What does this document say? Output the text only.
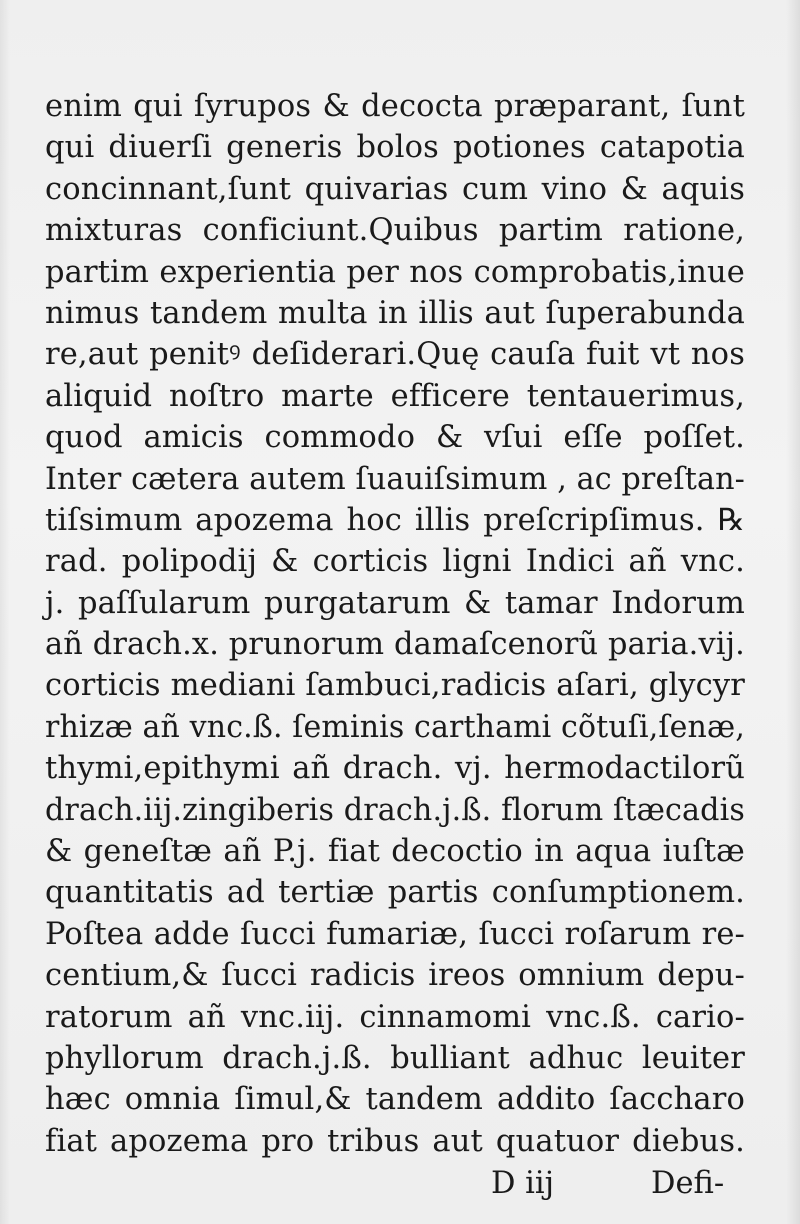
enim qui ſyrupos & decocta præparant, ſunt
qui diuerſi generis bolos potiones catapotia
concinnant,ſunt quivarias cum vino & aquis
mixturas conficiunt.Quibus partim ratione,
partim experientia per nos comprobatis,inue
nimus tandem multa in illis aut ſuperabunda
re,aut penitꝰ deſiderari.Quę cauſa fuit vt nos
aliquid noſtro marte efficere tentauerimus,
quod amicis commodo & vſui eſſe poſſet.
Inter cætera autem ſuauiſsimum , ac preſtan-
tiſsimum apozema hoc illis preſcripſimus. ℞
rad. polipodij & corticis ligni Indici añ vnc.
j. paſſularum purgatarum & tamar Indorum
añ drach.x. prunorum damaſcenorũ paria.vij.
corticis mediani ſambuci,radicis aſari, glycyr
rhizæ añ vnc.ß. ſeminis carthami cõtuſi,ſenæ,
thymi,epithymi añ drach. vj. hermodactilorũ
drach.iij.zingiberis drach.j.ß. florum ſtæcadis
& geneſtæ añ P.j. fiat decoctio in aqua iuſtæ
quantitatis ad tertiæ partis conſumptionem.
Poſtea adde ſucci fumariæ, ſucci roſarum re-
centium,& ſucci radicis ireos omnium depu-
ratorum añ vnc.iij. cinnamomi vnc.ß. cario-
phyllorum drach.j.ß. bulliant adhuc leuiter
hæc omnia ſimul,& tandem addito ſaccharo
fiat apozema pro tribus aut quatuor diebus.
D iij	Defi-
